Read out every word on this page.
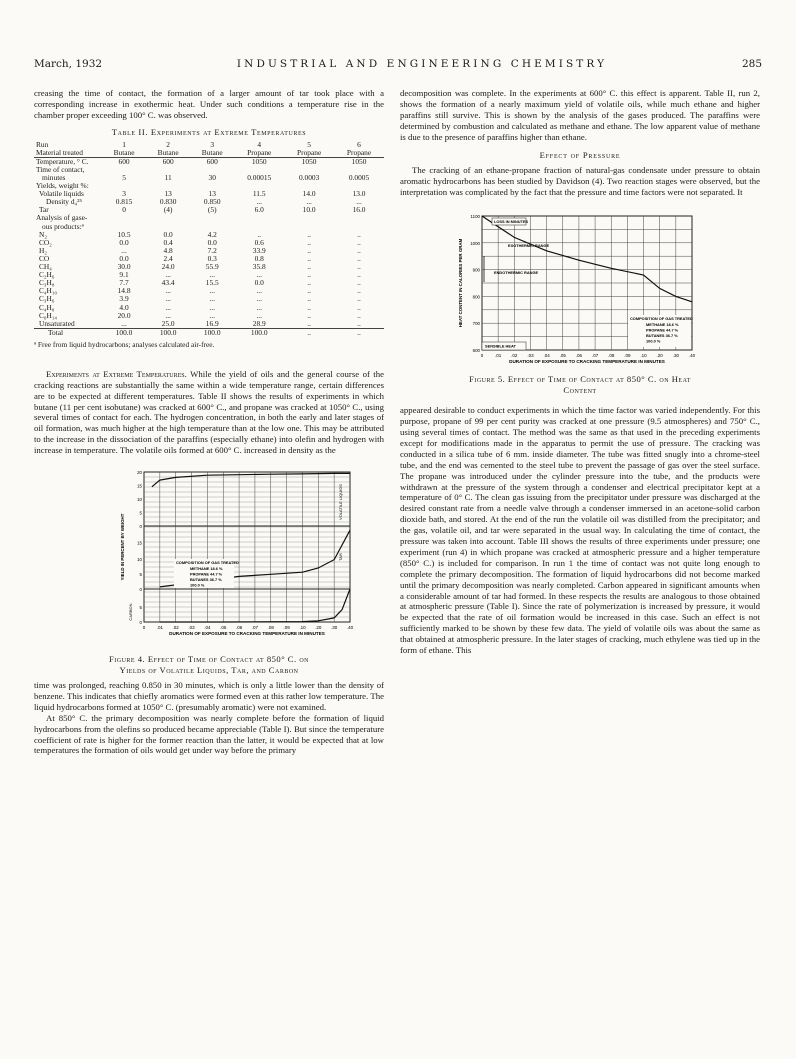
March, 1932	INDUSTRIAL AND ENGINEERING CHEMISTRY	285

creasing the time of contact, the formation of a larger amount of tar took place with a corresponding increase in exothermic heat. Under such conditions a temperature rise in the chamber proper exceeding 100° C. was observed.

Table II. Experiments at Extreme Temperatures
Run	1	2	3	4	5	6
Material treated	Butane	Butane	Butane	Propane	Propane	Propane
Temperature, ° C.	600	600	600	1050	1050	1050
Time of contact,						
minutes	5	11	30	0.00015	0.0003	0.0005
Yields, weight %:						
Volatile liquids	3	13	13	11.5	14.0	13.0
Density d₄²⁵	0.815	0.830	0.850	...	...	...
Tar	0	(4)	(5)	6.0	10.0	16.0
Analysis of gase-						
ous products:ª						
N₂	10.5	0.0	4.2	..	..	..
CO₂	0.0	0.4	0.0	0.6	..	..
H₂	...	4.8	7.2	33.9	..	..
CO	0.0	2.4	0.3	0.8	..	..
CH₄	30.0	24.0	55.9	35.8	..	..
C₂H₆	9.1	...	...	...	..	..
C₃H₈	7.7	43.4	15.5	0.0	..	..
C₄H₁₀	14.8	...	...	...	..	..
C₃H₆	3.9	...	...	...	..	..
C₄H₈	4.0	...	...	...	..	..
C₆H₁₄	20.0	...	...	...	..	..
Unsaturated	...	25.0	16.9	28.9	..	..
Total	100.0	100.0	100.0	100.0	..	..
ª Free from liquid hydrocarbons; analyses calculated air-free.

Experiments at Extreme Temperatures. While the yield of oils and the general course of the cracking reactions are substantially the same within a wide temperature range, certain differences are to be expected at different temperatures. Table II shows the results of experiments in which butane (11 per cent isobutane) was cracked at 600° C., and propane was cracked at 1050° C., using several times of contact for each. The hydrogen concentration, in both the early and later stages of oil formation, was much higher at the high temperature than at the low one. This may be attributed to the increase in the dissociation of the paraffins (especially ethane) into olefin and hydrogen with increase in temperature. The volatile oils formed at 600° C. increased in density as the

0	.01 .02 .03 .04 .05 .06 .07 .08 .09 .10 .20 .30 .40
DURATION OF EXPOSURE TO CRACKING TEMPERATURE IN MINUTES
20
15
10
5
0
15
10
5
0
5
0
YIELD IN PERCENT BY WEIGHT
VOLATILE LIQUIDS
TAR
CARBON
COMPOSITION OF GAS TREATED
METHANE 18.6 %
PROPANE 44.7 %
BUTANES 36.7 %
100.0 %
Figure 4. Effect of Time of Contact at 850° C. on Yields of Volatile Liquids, Tar, and Carbon

time was prolonged, reaching 0.850 in 30 minutes, which is only a little lower than the density of benzene. This indicates that chiefly aromatics were formed even at this rather low temperature. The liquid hydrocarbons formed at 1050° C. (presumably aromatic) were not examined.

At 850° C. the primary decomposition was nearly complete before the formation of liquid hydrocarbons from the olefins so produced became appreciable (Table I). But since the temperature coefficient of rate is higher for the former reaction than the latter, it would be expected that at low temperatures the formation of oils would get under way before the primary

decomposition was complete. In the experiments at 600° C. this effect is apparent. Table II, run 2, shows the formation of a nearly maximum yield of volatile oils, while much ethane and higher paraffins still survive. This is shown by the analysis of the gases produced. The paraffins were determined by combustion and calculated as methane and ethane. The low apparent value of methane is due to the presence of paraffins higher than ethane.

Effect of Pressure

The cracking of an ethane-propane fraction of natural-gas condensate under pressure to obtain aromatic hydrocarbons has been studied by Davidson (4). Two reaction stages were observed, but the interpretation was complicated by the fact that the pressure and time factors were not separated. It

0	.01 .02 .03 .04 .05 .06 .07 .08 .09 .10 .20 .30 .40
DURATION OF EXPOSURE TO CRACKING TEMPERATURE IN MINUTES
1100
1000
900
800
700
600
HEAT CONTENT IN CALORIES PER GRAM
LOSS IN MINUTES
EXOTHERMIC RANGE
ENDOTHERMIC RANGE
SENSIBLE HEAT
COMPOSITION OF GAS TREATED
METHANE 18.6 %
PROPANE 44.7 %
BUTANES 36.7 %
100.0 %
Figure 5. Effect of Time of Contact at 850° C. on Heat Content

appeared desirable to conduct experiments in which the time factor was varied independently. For this purpose, propane of 99 per cent purity was cracked at one pressure (9.5 atmospheres) and 750° C., using several times of contact. The method was the same as that used in the preceding experiments except for modifications made in the apparatus to permit the use of pressure. The cracking was conducted in a silica tube of 6 mm. inside diameter. The tube was fitted snugly into a chrome-steel tube, and the end was cemented to the steel tube to prevent the passage of gas over the steel surface. The propane was introduced under the cylinder pressure into the tube, and the products were withdrawn at the pressure of the system through a condenser and electrical precipitator kept at a temperature of 0° C. The clean gas issuing from the precipitator under pressure was discharged at the desired constant rate from a needle valve through a condenser immersed in an acetone-solid carbon dioxide bath, and stored. At the end of the run the volatile oil was distilled from the precipitator; and the gas, volatile oil, and tar were separated in the usual way. In calculating the time of contact, the pressure was taken into account. Table III shows the results of three experiments under pressure; one experiment (run 4) in which propane was cracked at atmospheric pressure and a higher temperature (850° C.) is included for comparison. In run 1 the time of contact was not quite long enough to complete the primary decomposition. The formation of liquid hydrocarbons did not become marked until the primary decomposition was nearly completed. Carbon appeared in significant amounts when a considerable amount of tar had formed. In these respects the results are analogous to those obtained at atmospheric pressure (Table I). Since the rate of polymerization is increased by pressure, it would be expected that the rate of oil formation would be increased in this case. Such an effect is not sufficiently marked to be shown by these few data. The yield of volatile oils was about the same as that obtained at atmospheric pressure. In the later stages of cracking, much ethylene was tied up in the form of ethane. This
